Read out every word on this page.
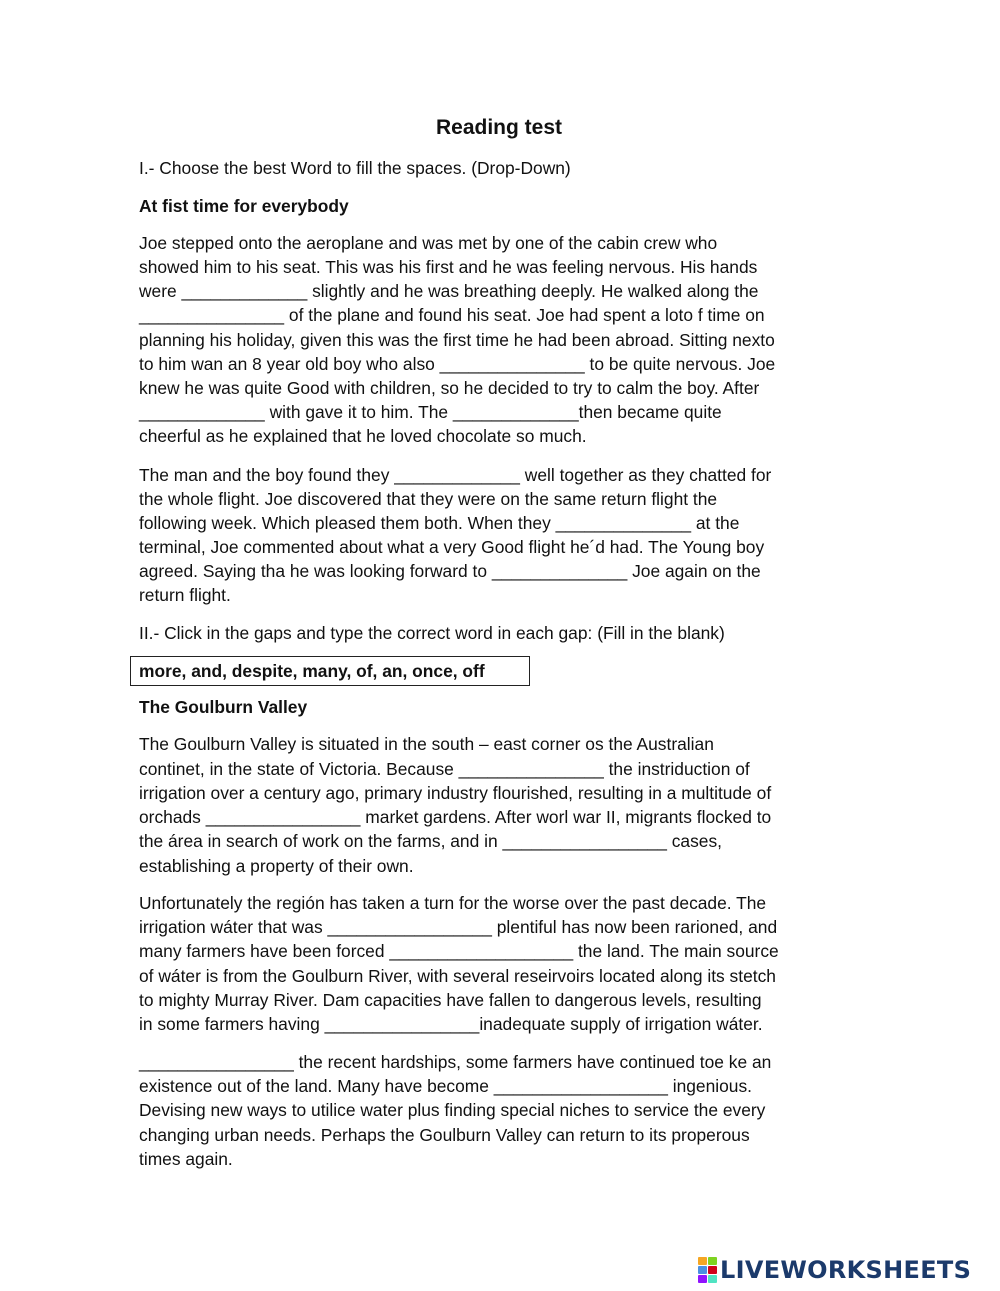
Reading test
I.- Choose the best Word to fill the spaces. (Drop-Down)
At fist time for everybody
Joe stepped onto the aeroplane and was met by one of the cabin crew who
showed him to his seat. This was his first and he was feeling nervous. His hands
were _____________ slightly and he was breathing deeply. He walked along the
_______________ of the plane and found his seat. Joe had spent a loto f time on
planning his holiday, given this was the first time he had been abroad. Sitting nexto
to him wan an 8 year old boy who also _______________ to be quite nervous. Joe
knew he was quite Good with children, so he decided to try to calm the boy. After
_____________ with gave it to him. The _____________then became quite
cheerful as he explained that he loved chocolate so much.
The man and the boy found they _____________ well together as they chatted for
the whole flight. Joe discovered that they were on the same return flight the
following week. Which pleased them both. When they ______________ at the
terminal, Joe commented about what a very Good flight he´d had. The Young boy
agreed. Saying tha he was looking forward to ______________ Joe again on the
return flight.
II.- Click in the gaps and type the correct word in each gap: (Fill in the blank)
more, and, despite, many, of, an, once, off
The Goulburn Valley
The Goulburn Valley is situated in the south – east corner os the Australian
continet, in the state of Victoria. Because _______________ the instriduction of
irrigation over a century ago, primary industry flourished, resulting in a multitude of
orchads ________________ market gardens. After worl war II, migrants flocked to
the área in search of work on the farms, and in _________________ cases,
establishing a property of their own.
Unfortunately the región has taken a turn for the worse over the past decade. The
irrigation wáter that was _________________ plentiful has now been rarioned, and
many farmers have been forced ___________________ the land. The main source
of wáter is from the Goulburn River, with several reseirvoirs located along its stetch
to mighty Murray River. Dam capacities have fallen to dangerous levels, resulting
in some farmers having ________________inadequate supply of irrigation wáter.
________________ the recent hardships, some farmers have continued toe ke an
existence out of the land. Many have become __________________ ingenious.
Devising new ways to utilice water plus finding special niches to service the every
changing urban needs. Perhaps the Goulburn Valley can return to its properous
times again.
LIVEWORKSHEETS
